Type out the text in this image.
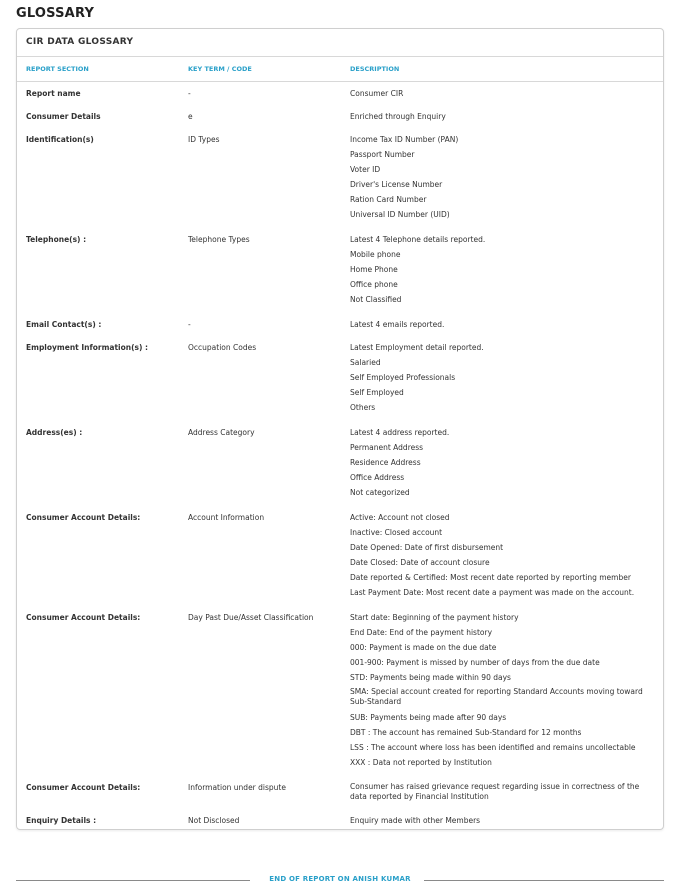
GLOSSARY
CIR DATA GLOSSARY
REPORT SECTION	KEY TERM / CODE	DESCRIPTION
Report name	-	Consumer CIR
Consumer Details	e	Enriched through Enquiry
Identification(s)	ID Types	Income Tax ID Number (PAN)
Passport Number
Voter ID
Driver's License Number
Ration Card Number
Universal ID Number (UID)
Telephone(s) :	Telephone Types	Latest 4 Telephone details reported.
Mobile phone
Home Phone
Office phone
Not Classified
Email Contact(s) :	-	Latest 4 emails reported.
Employment Information(s) :	Occupation Codes	Latest Employment detail reported.
Salaried
Self Employed Professionals
Self Employed
Others
Address(es) :	Address Category	Latest 4 address reported.
Permanent Address
Residence Address
Office Address
Not categorized
Consumer Account Details:	Account Information	Active: Account not closed
Inactive: Closed account
Date Opened: Date of first disbursement
Date Closed: Date of account closure
Date reported & Certified: Most recent date reported by reporting member
Last Payment Date: Most recent date a payment was made on the account.
Consumer Account Details:	Day Past Due/Asset Classification	Start date: Beginning of the payment history
End Date: End of the payment history
000: Payment is made on the due date
001-900: Payment is missed by number of days from the due date
STD: Payments being made within 90 days
SMA: Special account created for reporting Standard Accounts moving toward Sub-Standard
SUB: Payments being made after 90 days
DBT : The account has remained Sub-Standard for 12 months
LSS : The account where loss has been identified and remains uncollectable
XXX : Data not reported by Institution
Consumer Account Details:	Information under dispute	Consumer has raised grievance request regarding issue in correctness of the data reported by Financial Institution
Enquiry Details :	Not Disclosed	Enquiry made with other Members
END OF REPORT ON ANISH KUMAR
